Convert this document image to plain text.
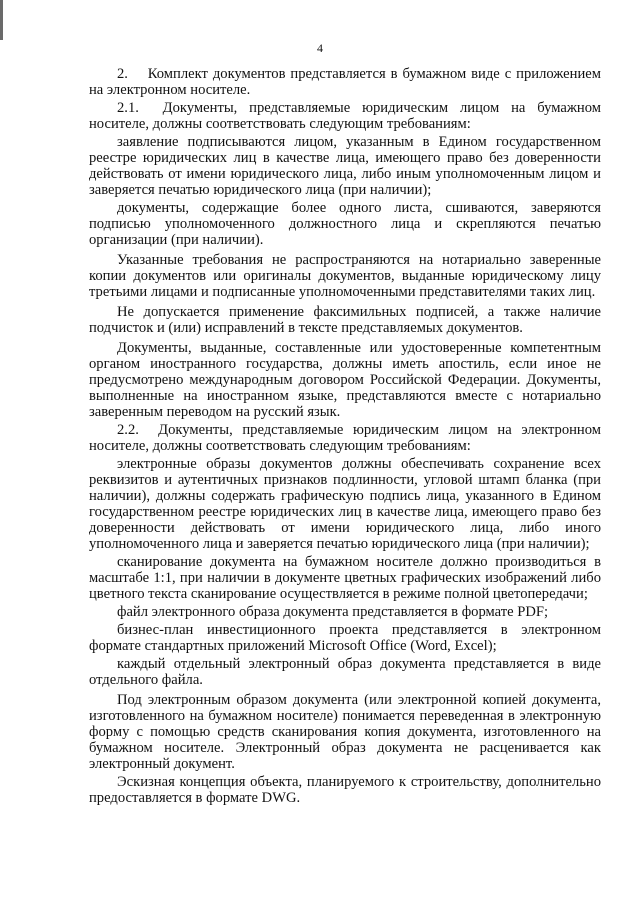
4

2.    Комплект документов представляется в бумажном виде с приложением на электронном носителе.

2.1.  Документы, представляемые юридическим лицом на бумажном носителе, должны соответствовать следующим требованиям:

заявление подписываются лицом, указанным в Едином государственном реестре юридических лиц в качестве лица, имеющего право без доверенности действовать от имени юридического лица, либо иным уполномоченным лицом и заверяется печатью юридического лица (при наличии);

документы, содержащие более одного листа, сшиваются, заверяются подписью уполномоченного должностного лица и скрепляются печатью организации (при наличии).

Указанные требования не распространяются на нотариально заверенные копии документов или оригиналы документов, выданные юридическому лицу третьими лицами и подписанные уполномоченными представителями таких лиц.

Не допускается применение факсимильных подписей, а также наличие подчисток и (или) исправлений в тексте представляемых документов.

Документы, выданные, составленные или удостоверенные компетентным органом иностранного государства, должны иметь апостиль, если иное не предусмотрено международным договором Российской Федерации. Документы, выполненные на иностранном языке, представляются вместе с нотариально заверенным переводом на русский язык.

2.2.  Документы, представляемые юридическим лицом на электронном носителе, должны соответствовать следующим требованиям:

электронные образы документов должны обеспечивать сохранение всех реквизитов и аутентичных признаков подлинности, угловой штамп бланка (при наличии), должны содержать графическую подпись лица, указанного в Едином государственном реестре юридических лиц в качестве лица, имеющего право без доверенности действовать от имени юридического лица, либо иного уполномоченного лица и заверяется печатью юридического лица (при наличии);

сканирование документа на бумажном носителе должно производиться в масштабе 1:1, при наличии в документе цветных графических изображений либо цветного текста сканирование осуществляется в режиме полной цветопередачи;

файл электронного образа документа представляется в формате PDF;

бизнес-план инвестиционного проекта представляется в электронном формате стандартных приложений Microsoft Office (Word, Excel);

каждый отдельный электронный образ документа представляется в виде отдельного файла.

Под электронным образом документа (или электронной копией документа, изготовленного на бумажном носителе) понимается переведенная в электронную форму с помощью средств сканирования копия документа, изготовленного на бумажном носителе. Электронный образ документа не расценивается как электронный документ.

Эскизная концепция объекта, планируемого к строительству, дополнительно предоставляется в формате DWG.
